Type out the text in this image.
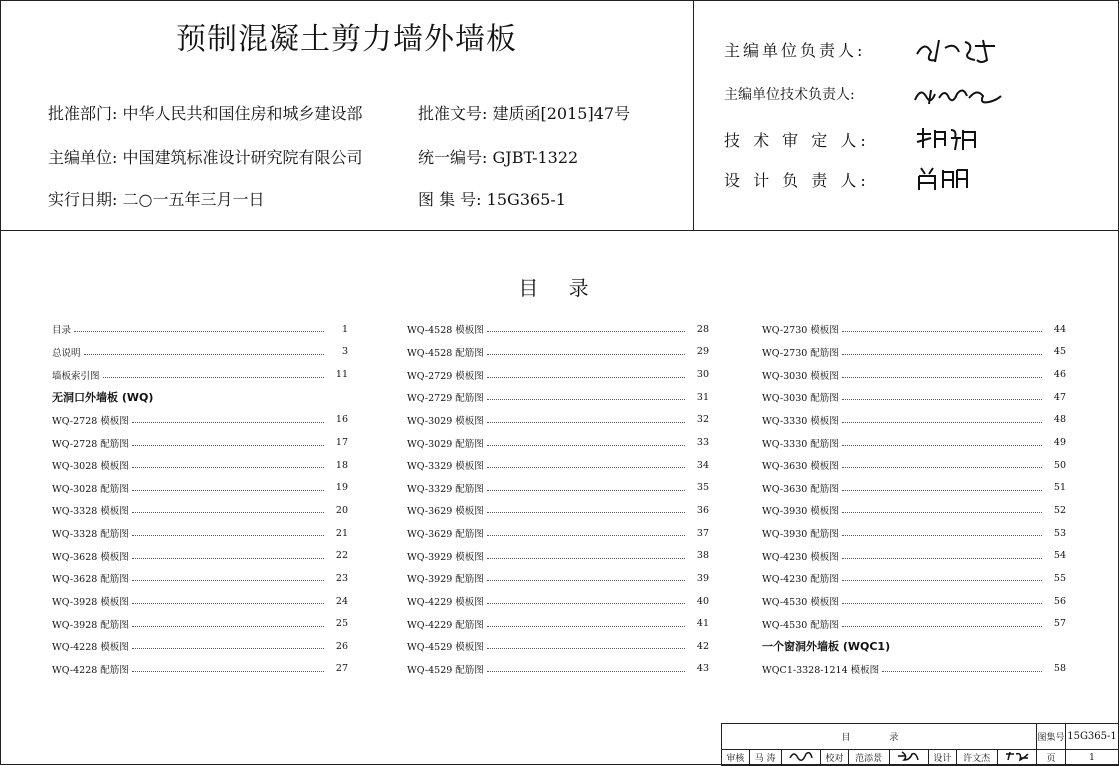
预制混凝土剪力墙外墙板
批准部门: 中华人民共和国住房和城乡建设部
主编单位: 中国建筑标准设计研究院有限公司
实行日期: 二○一五年三月一日
批准文号: 建质函[2015]47号
统一编号: GJBT-1322
图 集 号: 15G365-1
主编单位负责人:
主编单位技术负责人:
技 术 审 定 人:
设 计 负 责 人:
目 录
目录	1
总说明	3
墙板索引图	11
无洞口外墙板 (WQ)
WQ-2728 模板图	16
WQ-2728 配筋图	17
WQ-3028 模板图	18
WQ-3028 配筋图	19
WQ-3328 模板图	20
WQ-3328 配筋图	21
WQ-3628 模板图	22
WQ-3628 配筋图	23
WQ-3928 模板图	24
WQ-3928 配筋图	25
WQ-4228 模板图	26
WQ-4228 配筋图	27
WQ-4528 模板图	28
WQ-4528 配筋图	29
WQ-2729 模板图	30
WQ-2729 配筋图	31
WQ-3029 模板图	32
WQ-3029 配筋图	33
WQ-3329 模板图	34
WQ-3329 配筋图	35
WQ-3629 模板图	36
WQ-3629 配筋图	37
WQ-3929 模板图	38
WQ-3929 配筋图	39
WQ-4229 模板图	40
WQ-4229 配筋图	41
WQ-4529 模板图	42
WQ-4529 配筋图	43
WQ-2730 模板图	44
WQ-2730 配筋图	45
WQ-3030 模板图	46
WQ-3030 配筋图	47
WQ-3330 模板图	48
WQ-3330 配筋图	49
WQ-3630 模板图	50
WQ-3630 配筋图	51
WQ-3930 模板图	52
WQ-3930 配筋图	53
WQ-4230 模板图	54
WQ-4230 配筋图	55
WQ-4530 模板图	56
WQ-4530 配筋图	57
一个窗洞外墙板 (WQC1)
WQC1-3328-1214 模板图	58
目 录									图集号	15G365-1
审核	马 涛		校对	范添景		设计	许文杰		页	1
